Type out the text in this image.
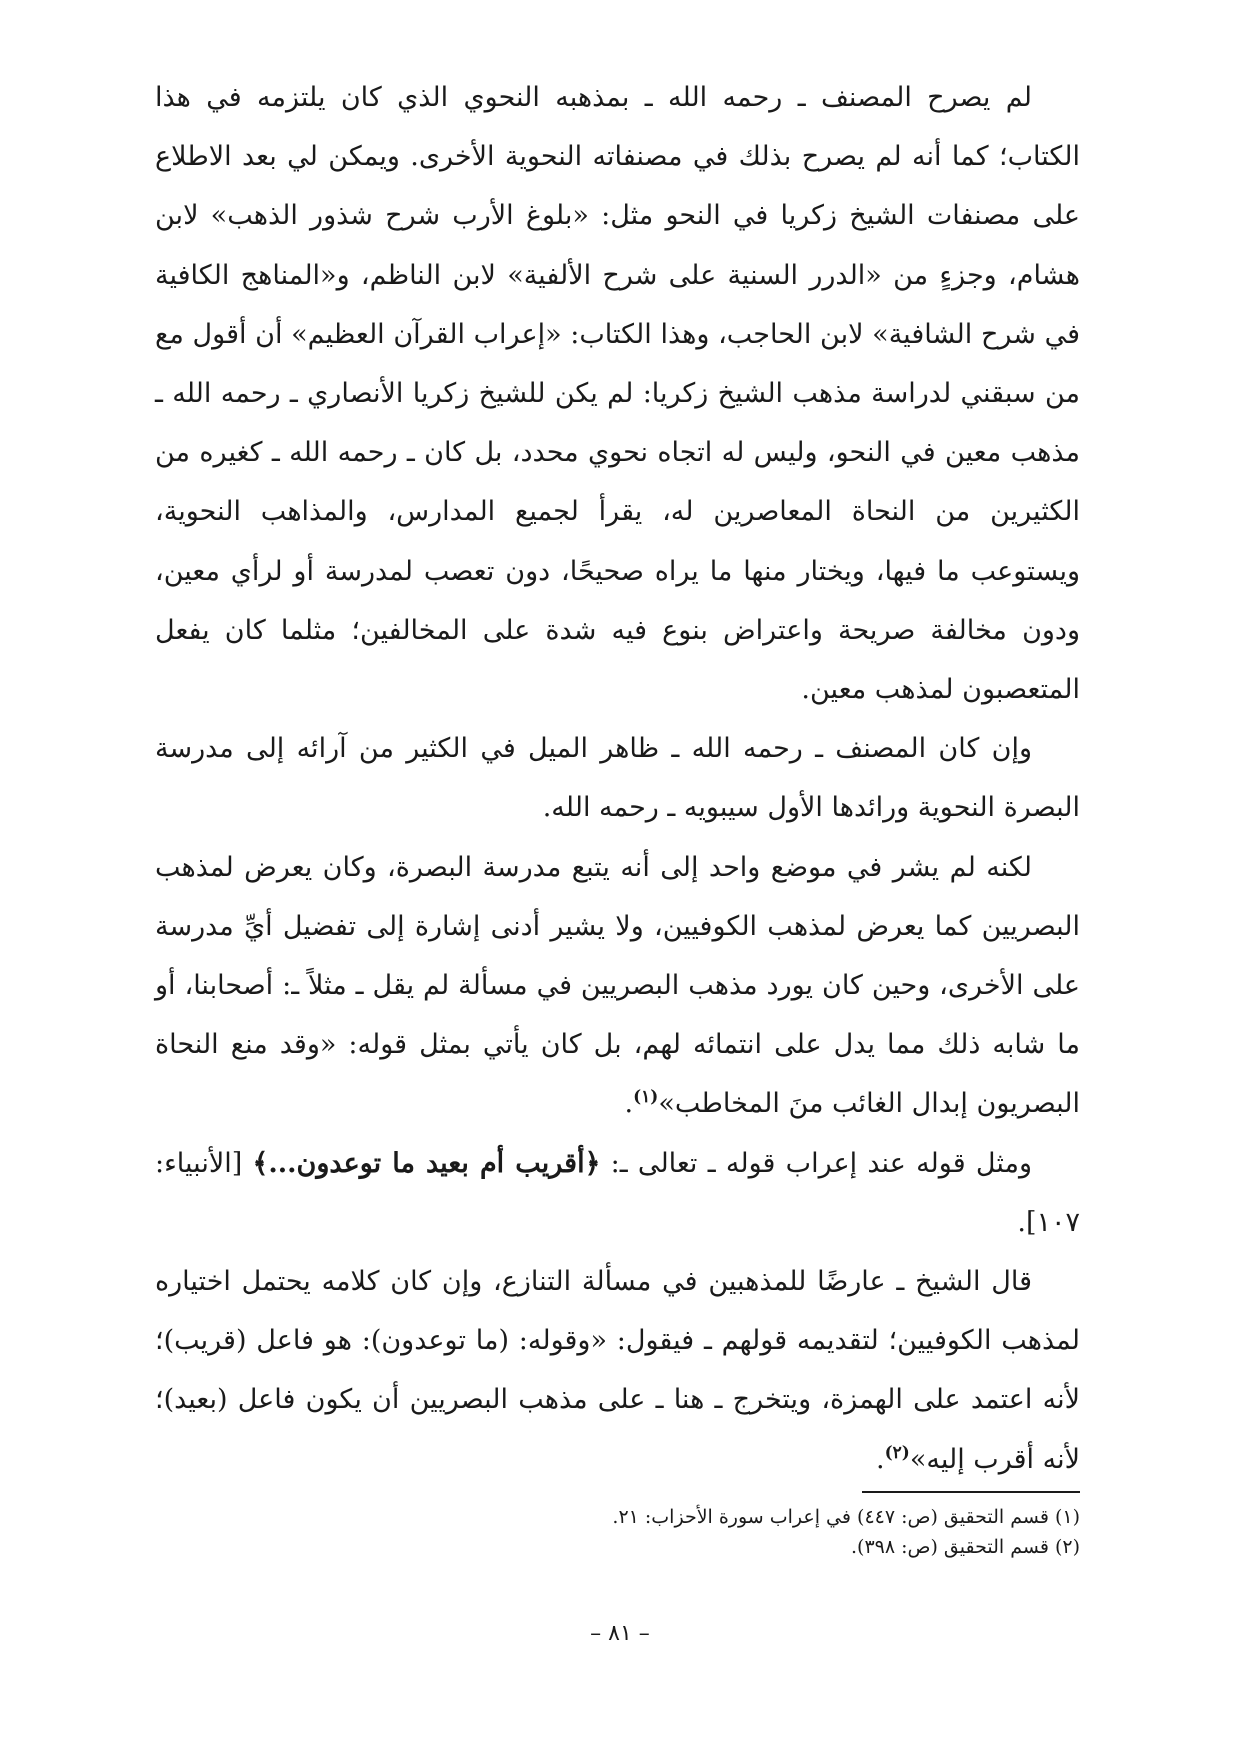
لم يصرح المصنف ـ رحمه الله ـ بمذهبه النحوي الذي كان يلتزمه في هذا الكتاب؛ كما أنه لم يصرح بذلك في مصنفاته النحوية الأخرى. ويمكن لي بعد الاطلاع على مصنفات الشيخ زكريا في النحو مثل: «بلوغ الأرب شرح شذور الذهب» لابن هشام، وجزءٍ من «الدرر السنية على شرح الألفية» لابن الناظم، و«المناهج الكافية في شرح الشافية» لابن الحاجب، وهذا الكتاب: «إعراب القرآن العظيم» أن أقول مع من سبقني لدراسة مذهب الشيخ زكريا: لم يكن للشيخ زكريا الأنصاري ـ رحمه الله ـ مذهب معين في النحو، وليس له اتجاه نحوي محدد، بل كان ـ رحمه الله ـ كغيره من الكثيرين من النحاة المعاصرين له، يقرأ لجميع المدارس، والمذاهب النحوية، ويستوعب ما فيها، ويختار منها ما يراه صحيحًا، دون تعصب لمدرسة أو لرأي معين، ودون مخالفة صريحة واعتراض بنوع فيه شدة على المخالفين؛ مثلما كان يفعل المتعصبون لمذهب معين.
وإن كان المصنف ـ رحمه الله ـ ظاهر الميل في الكثير من آرائه إلى مدرسة البصرة النحوية ورائدها الأول سيبويه ـ رحمه الله.
لكنه لم يشر في موضع واحد إلى أنه يتبع مدرسة البصرة، وكان يعرض لمذهب البصريين كما يعرض لمذهب الكوفيين، ولا يشير أدنى إشارة إلى تفضيل أيِّ مدرسة على الأخرى، وحين كان يورد مذهب البصريين في مسألة لم يقل ـ مثلاً ـ: أصحابنا، أو ما شابه ذلك مما يدل على انتمائه لهم، بل كان يأتي بمثل قوله: «وقد منع النحاة البصريون إبدال الغائب منَ المخاطب»$^{(١)}$.
ومثل قوله عند إعراب قوله ـ تعالى ـ: ﴿أقريب أم بعيد ما توعدون...﴾ [الأنبياء: ١٠٧].
قال الشيخ ـ عارضًا للمذهبين في مسألة التنازع، وإن كان كلامه يحتمل اختياره لمذهب الكوفيين؛ لتقديمه قولهم ـ فيقول: «وقوله: (ما توعدون): هو فاعل (قريب)؛ لأنه اعتمد على الهمزة، ويتخرج ـ هنا ـ على مذهب البصريين أن يكون فاعل (بعيد)؛ لأنه أقرب إليه»$^{(٢)}$.
(١) قسم التحقيق (ص: ٤٤٧) في إعراب سورة الأحزاب: ٢١.
(٢) قسم التحقيق (ص: ٣٩٨).
– ٨١ –
